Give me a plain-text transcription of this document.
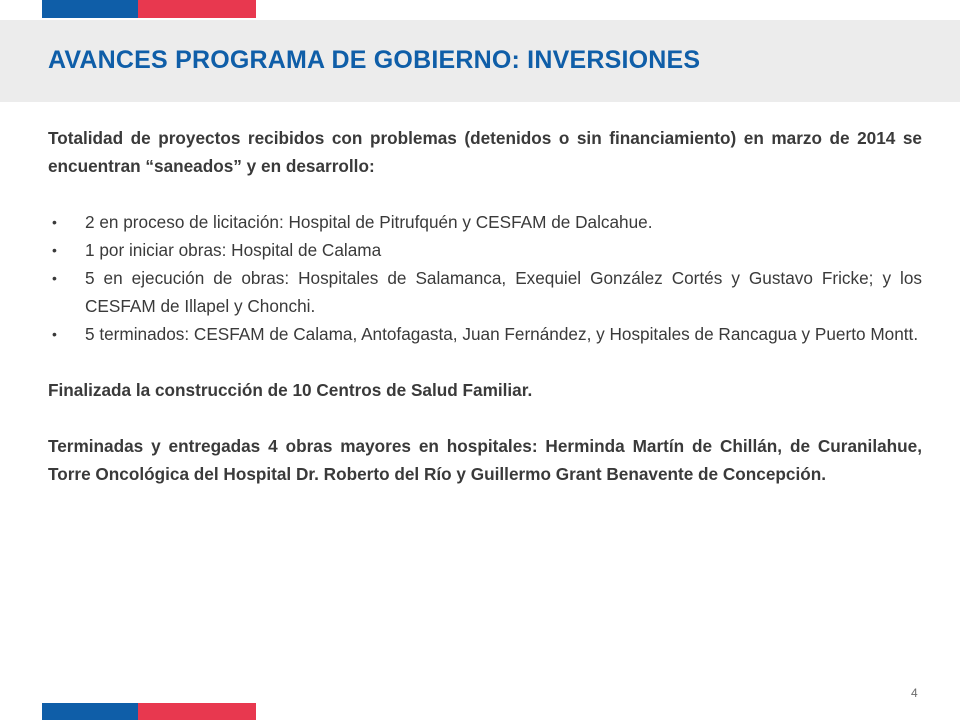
AVANCES PROGRAMA DE GOBIERNO: INVERSIONES

Totalidad de proyectos recibidos con problemas (detenidos o sin financiamiento) en marzo de 2014 se encuentran “saneados” y en desarrollo:

• 2 en proceso de licitación: Hospital de Pitrufquén y CESFAM de Dalcahue.
• 1 por iniciar obras: Hospital de Calama
• 5 en ejecución de obras: Hospitales de Salamanca, Exequiel González Cortés y Gustavo Fricke; y los CESFAM de Illapel y Chonchi.
• 5 terminados: CESFAM de Calama, Antofagasta, Juan Fernández, y Hospitales de Rancagua y Puerto Montt.

Finalizada la construcción de 10 Centros de Salud Familiar.

Terminadas y entregadas 4 obras mayores en hospitales: Herminda Martín de Chillán, de Curanilahue, Torre Oncológica del Hospital Dr. Roberto del Río y Guillermo Grant Benavente de Concepción.

4
